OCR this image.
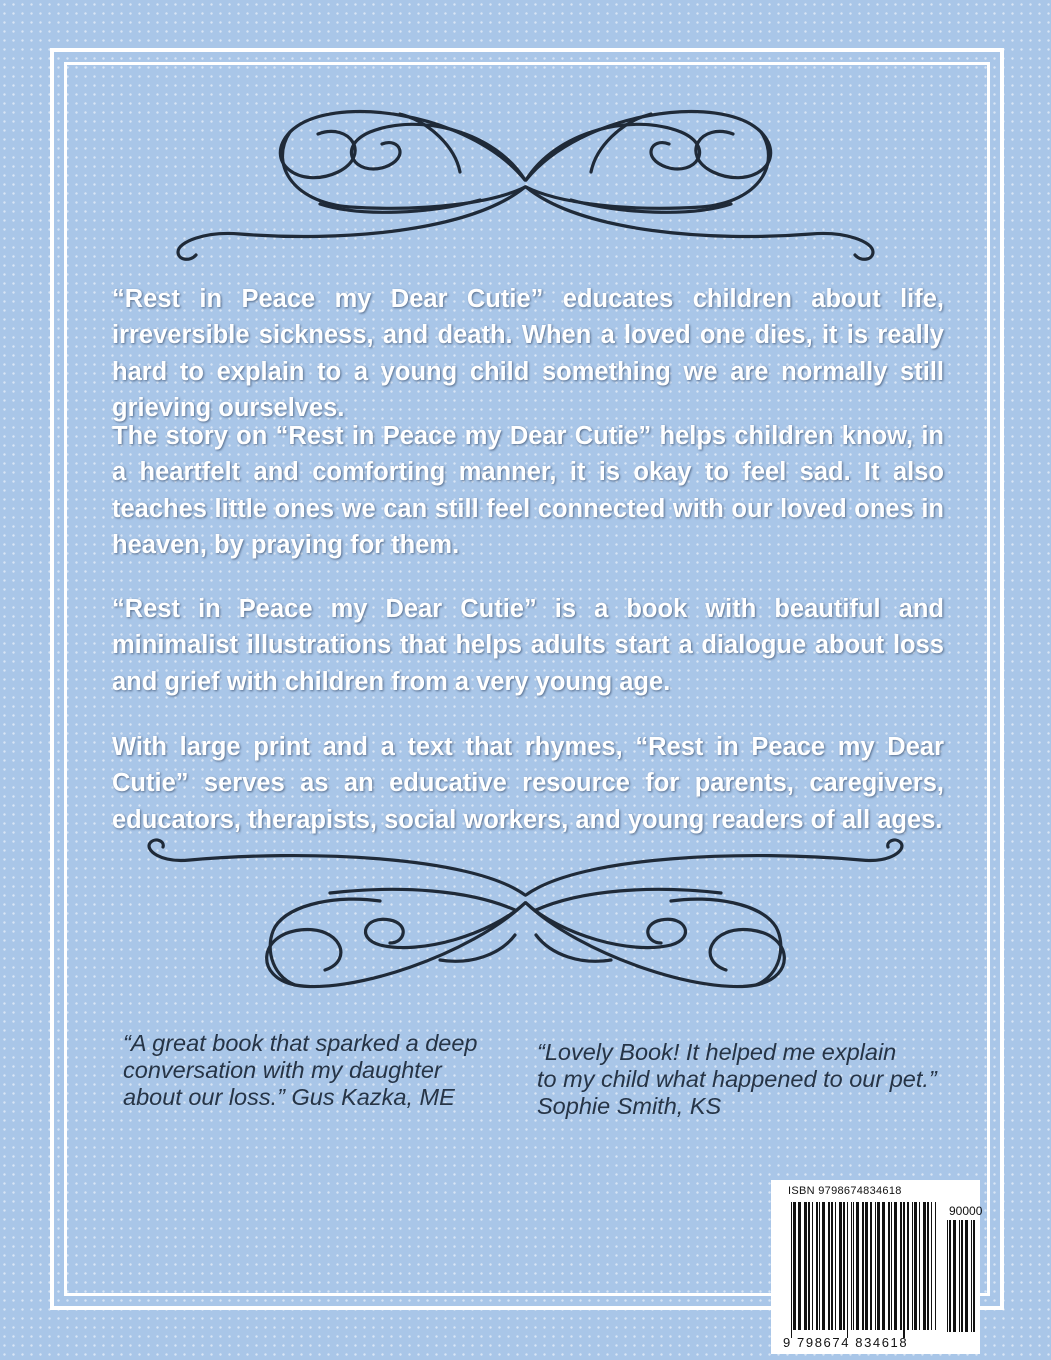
“Rest in Peace my Dear Cutie” educates children about life, irreversible sickness, and death. When a loved one dies, it is really hard to explain to a young child something we are normally still grieving ourselves.

The story on “Rest in Peace my Dear Cutie” helps children know, in a heartfelt and comforting manner, it is okay to feel sad. It also teaches little ones we can still feel connected with our loved ones in heaven, by praying for them.

“Rest in Peace my Dear Cutie” is a book with beautiful and minimalist illustrations that helps adults start a dialogue about loss and grief with children from a very young age.

With large print and a text that rhymes, “Rest in Peace my Dear Cutie” serves as an educative resource for parents, caregivers, educators, therapists, social workers, and young readers of all ages.

“A great book that sparked a deep
conversation with my daughter
about our loss.” Gus Kazka, ME

“Lovely Book! It helped me explain
to my child what happened to our pet.”
Sophie Smith, KS

ISBN 9798674834618
90000
9 798674 834618
